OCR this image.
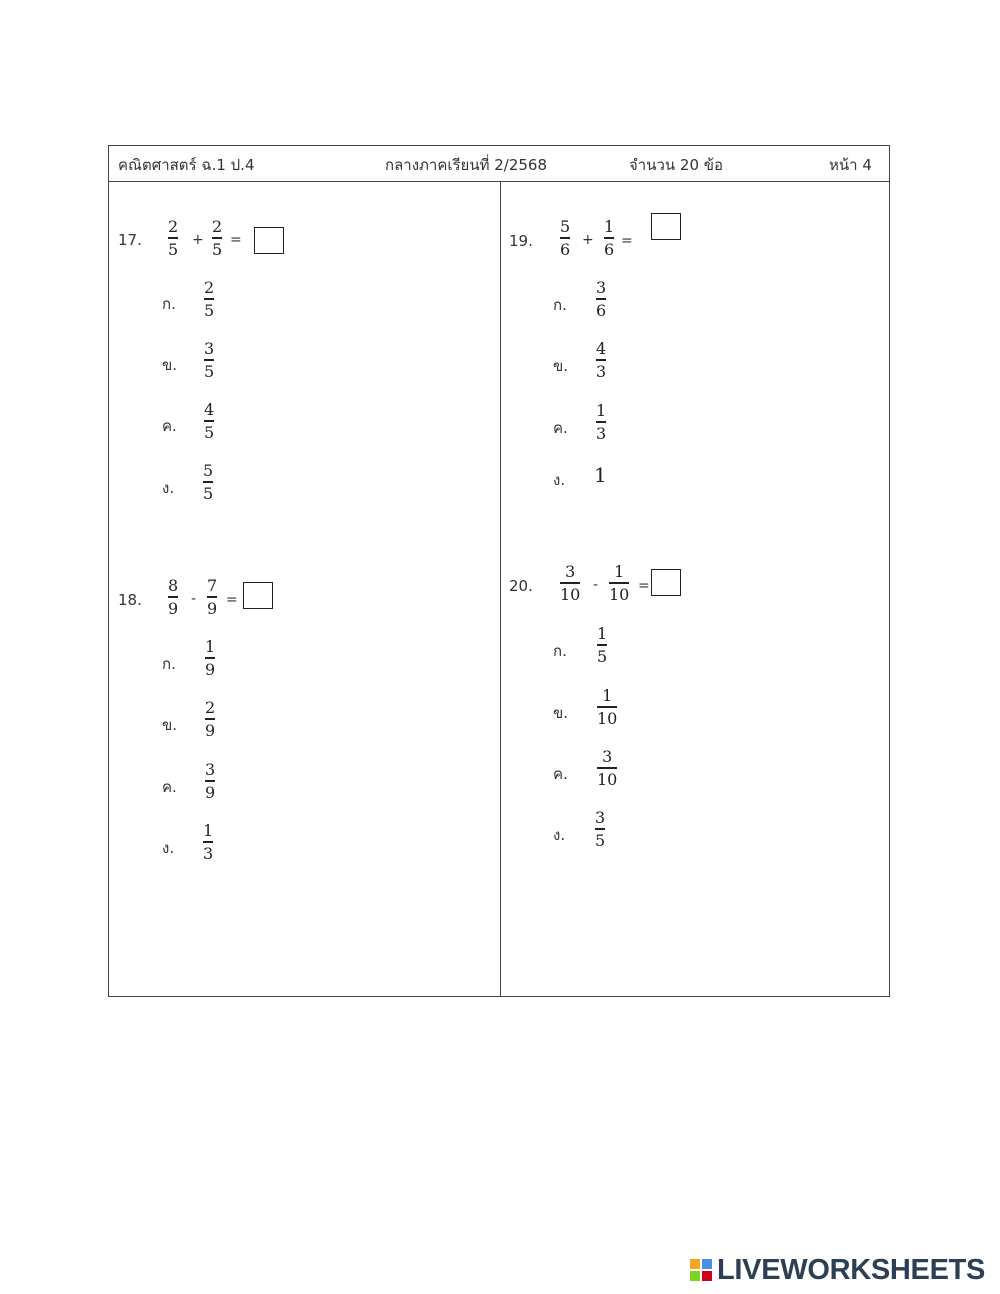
คณิตศาสตร์ ฉ.1 ป.4	กลางภาคเรียนที่ 2/2568	จำนวน 20 ข้อ	หน้า 4
17.
2
5 +
2
5 =
ก.
2
5
ข.
3
5
ค.
4
5
ง.
5
5
18.
8
9 -
7
9 =
ก.
1
9
ข.
2
9
ค.
3
9
ง.
1
3
19.
5
6 +
1
6 =
ก.
3
6
ข.
4
3
ค.
1
3
ง. 1
20.
3
10 -
1
10 =
ก.
1
5
ข.
1
10
ค.
3
10
ง.
3
5
LIVEWORKSHEETS
